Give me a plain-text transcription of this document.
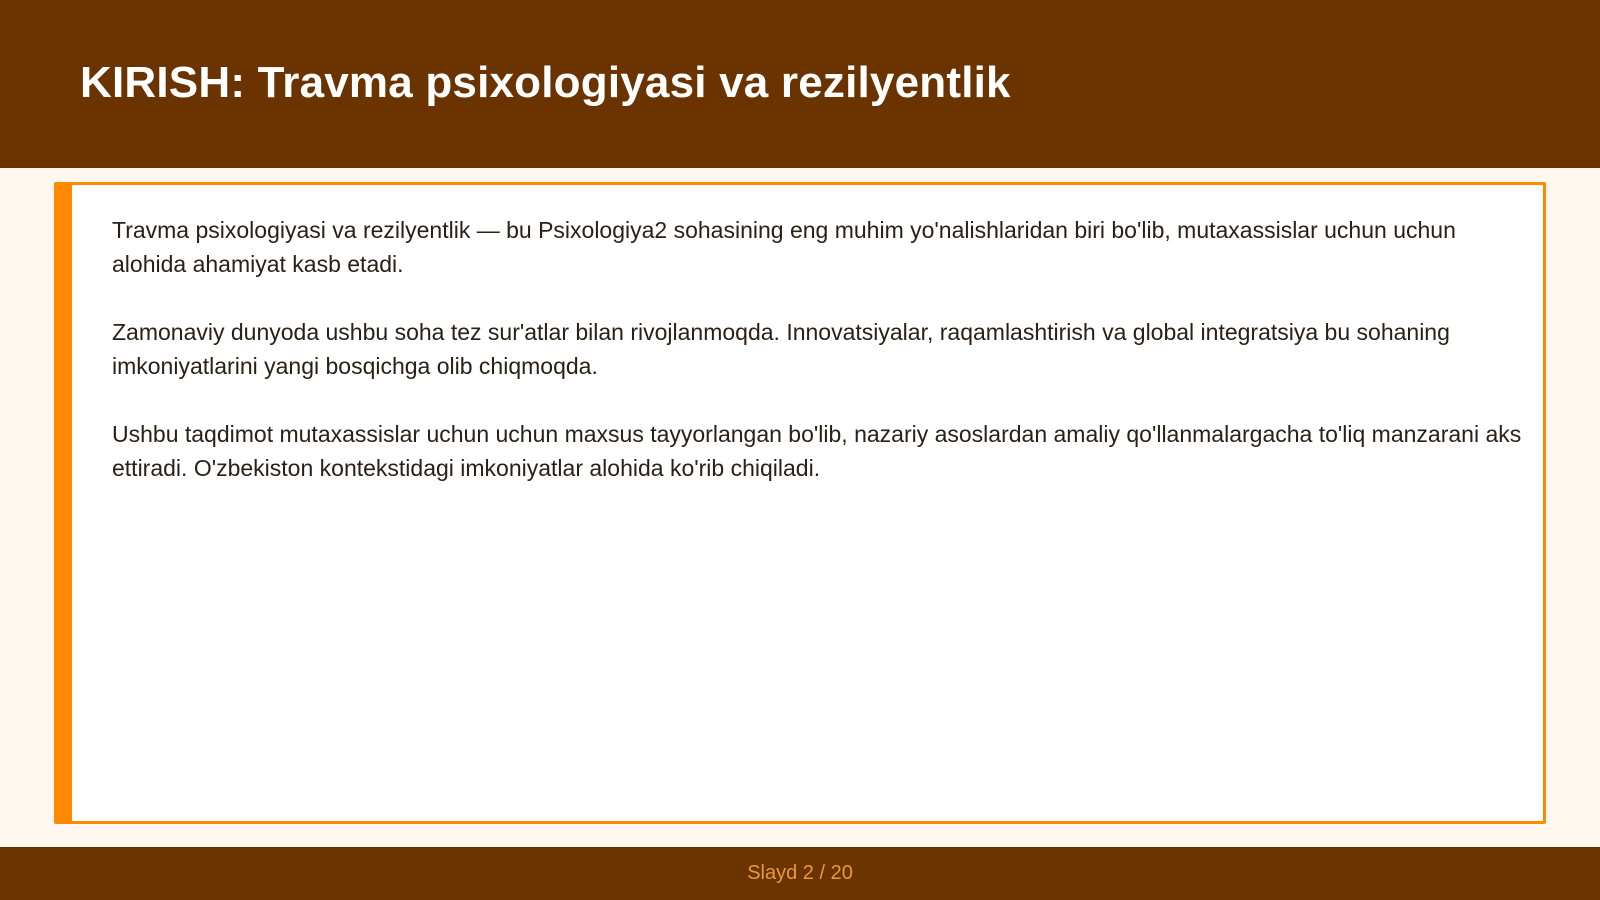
KIRISH: Travma psixologiyasi va rezilyentlik

Travma psixologiyasi va rezilyentlik — bu Psixologiya2 sohasining eng muhim yo'nalishlaridan biri bo'lib, mutaxassislar uchun uchun alohida ahamiyat kasb etadi.

Zamonaviy dunyoda ushbu soha tez sur'atlar bilan rivojlanmoqda. Innovatsiyalar, raqamlashtirish va global integratsiya bu sohaning imkoniyatlarini yangi bosqichga olib chiqmoqda.

Ushbu taqdimot mutaxassislar uchun uchun maxsus tayyorlangan bo'lib, nazariy asoslardan amaliy qo'llanmalargacha to'liq manzarani aks ettiradi. O'zbekiston kontekstidagi imkoniyatlar alohida ko'rib chiqiladi.

Slayd 2 / 20
